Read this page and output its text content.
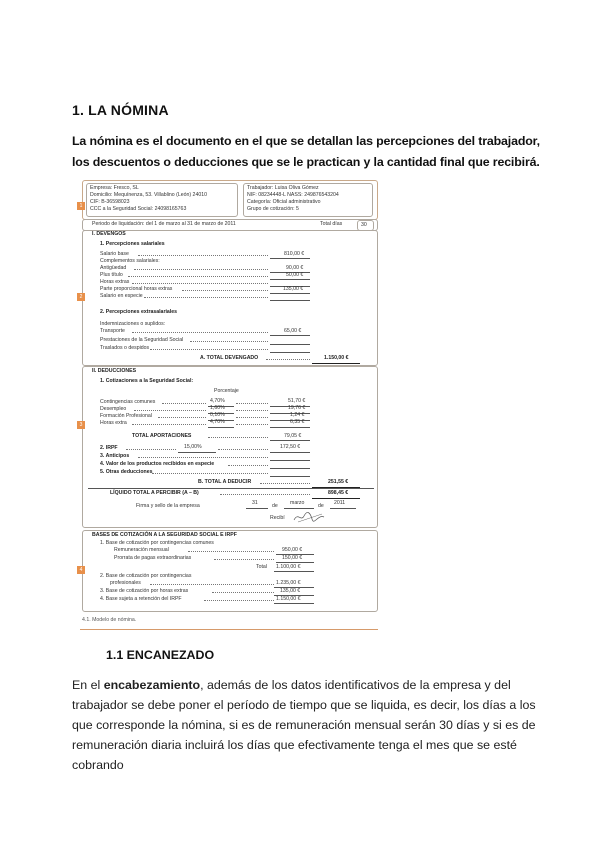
1. LA NÓMINA
La nómina es el documento en el que se detallan las percepciones del trabajador,
los descuentos o deducciones que se le practican y la cantidad final que recibirá.
Empresa: Fresco, SL
Domicilio: Mequínenza, 53. Villablino (León) 24010
CIF: B-36598023
CCC a la Seguridad Social: 24098165763
Trabajador: Luisa Oliva Gómez
NIF: 08234448-L NASS: 249876543204
Categoría: Oficial administrativo
Grupo de cotización: 5
1
Periodo de liquidación: del 1 de marzo al 31 de marzo de 2011	Total días	30
I. DEVENGOS
1. Percepciones salariales
Salario base	810,00 €
Complementos salariales:
Antigüedad	90,00 €
Plus título	50,00 €
Horas extras
Parte proporcional horas extras	135,00 €
Salario en especie
2
2. Percepciones extrasalariales
Indemnizaciones o suplidos:
Transporte	65,00 €
Prestaciones de la Seguridad Social
Traslados o despidos
A. TOTAL DEVENGADO	1.150,00 €
II. DEDUCCIONES
1. Cotizaciones a la Seguridad Social:
Porcentaje
Contingencias comunes	4,70%	51,70 €
Desempleo	1,60%	19,76 €
Formación Profesional	0,10%	1,24 €
Horas extra	4,70%	6,35 €
3
TOTAL APORTACIONES	79,05 €
2. IRPF	15,00%	172,50 €
3. Anticipos
4. Valor de los productos recibidos en especie
5. Otras deducciones
B. TOTAL A DEDUCIR	251,55 €
LÍQUIDO TOTAL A PERCIBIR (A – B)	898,45 €
Firma y sello de la empresa	31	de marzo	de 2011
Recibí
BASES DE COTIZACIÓN A LA SEGURIDAD SOCIAL E IRPF
1. Base de cotización por contingencias comunes
Remuneración mensual	950,00 €
Prorrata de pagas extraordinarias	150,00 €
Total 1.100,00 €
4
2. Base de cotización por contingencias
profesionales	1.235,00 €
3. Base de cotización por horas extras	135,00 €
4. Base sujeta a retención del IRPF	1.150,00 €
4.1. Modelo de nómina.
1.1 ENCANEZADO
En el encabezamiento, además de los datos identificativos de la empresa y del
trabajador se debe poner el período de tiempo que se liquida, es decir, los días a los
que corresponde la nómina, si es de remuneración mensual serán 30 días y si es de
remuneración diaria incluirá los días que efectivamente tenga el mes que se esté
cobrando
